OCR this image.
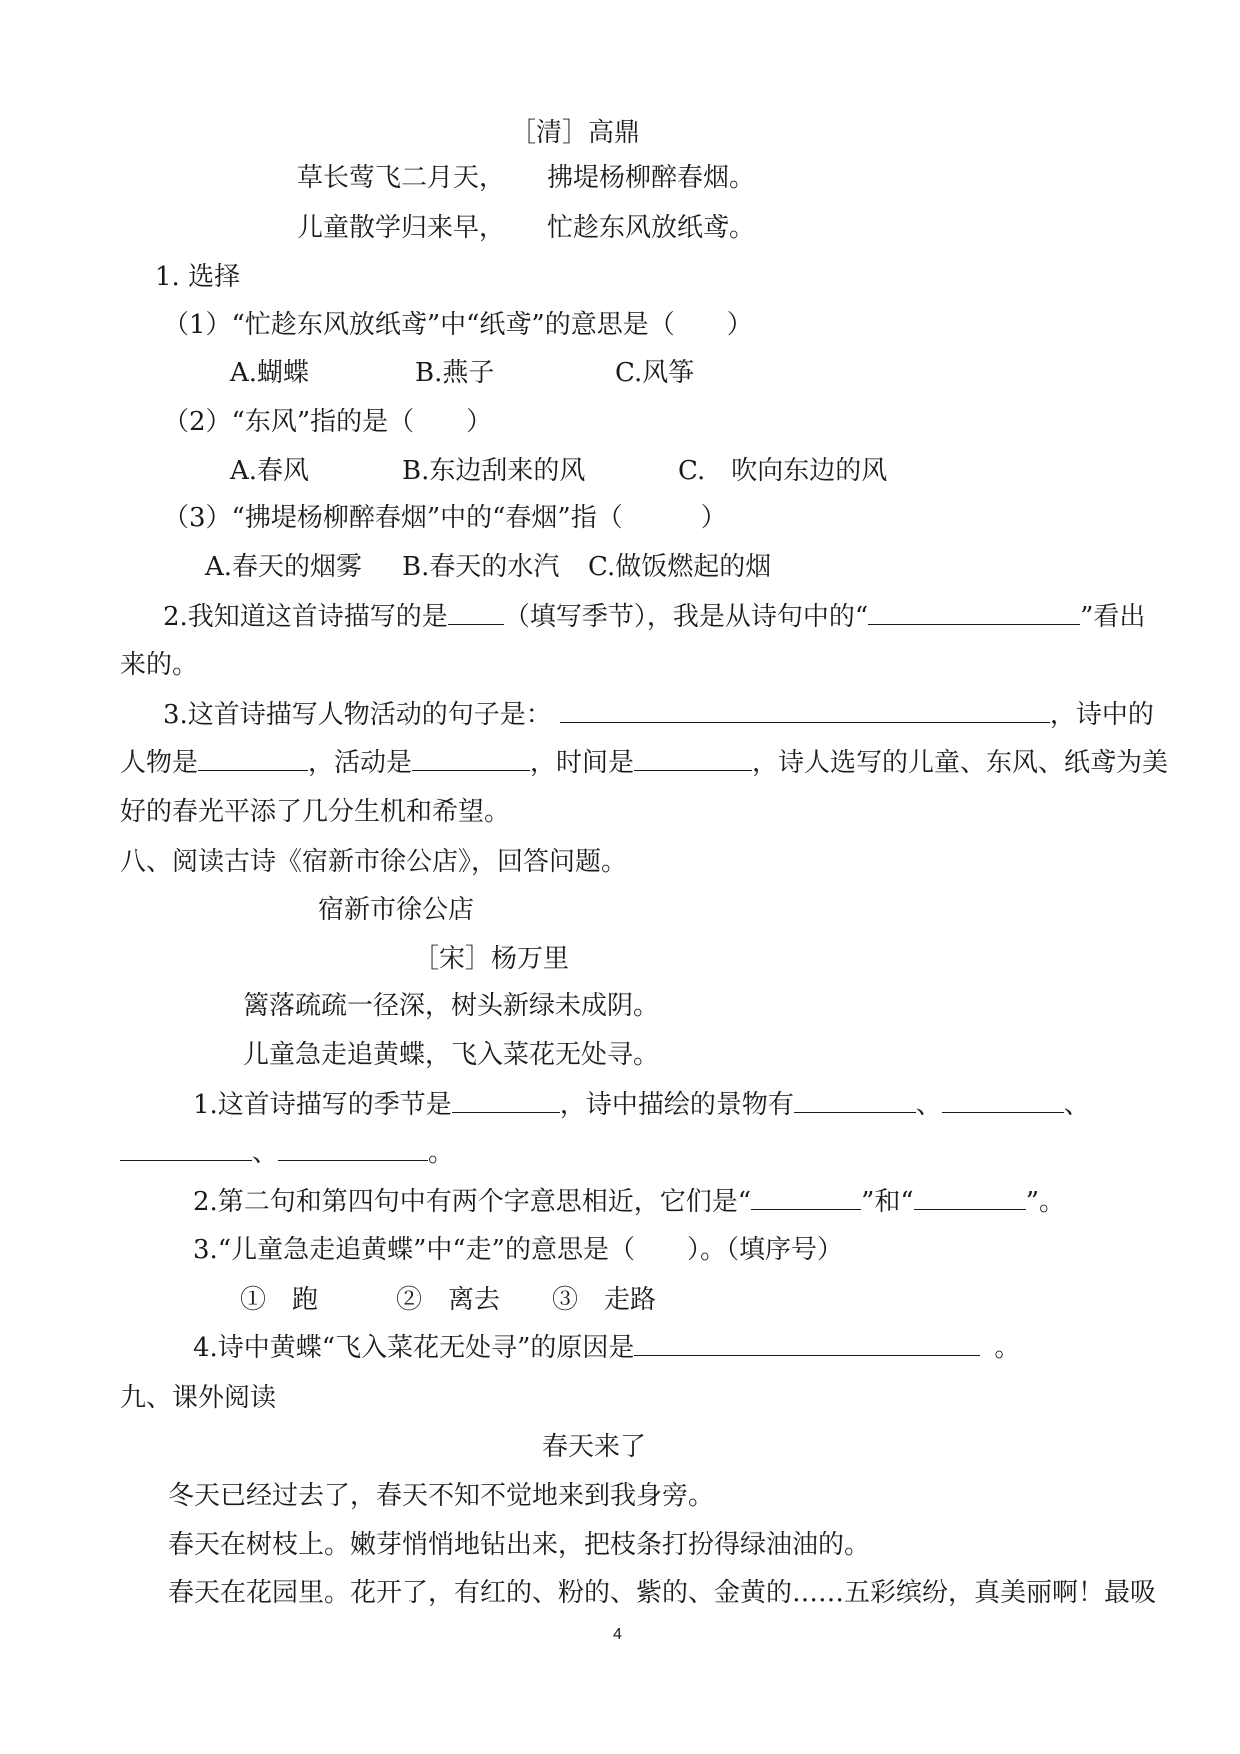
［清］高鼎
草长莺飞二月天， 拂堤杨柳醉春烟。
儿童散学归来早， 忙趁东风放纸鸢。
1. 选择
（1）“忙趁东风放纸鸢”中“纸鸢”的意思是（　　）
A.蝴蝶	B.燕子	C.风筝
（2）“东风”指的是（　　）
A.春风	B.东边刮来的风	C.　吹向东边的风
（3）“拂堤杨柳醉春烟”中的“春烟”指（　　　）
A.春天的烟雾 B.春天的水汽 C.做饭燃起的烟
2.我知道这首诗描写的是 （填写季节），我是从诗句中的“	”看出
来的。
3.这首诗描写人物活动的句子是：	，诗中的
人物是	，活动是	，时间是	，诗人选写的儿童、东风、纸鸢为美
好的春光平添了几分生机和希望。
八、阅读古诗《宿新市徐公店》，回答问题。
宿新市徐公店
［宋］杨万里
篱落疏疏一径深，树头新绿未成阴。
儿童急走追黄蝶，飞入菜花无处寻。
1.这首诗描写的季节是	，诗中描绘的景物有	、	、
、	。
2.第二句和第四句中有两个字意思相近，它们是“	”和“	”。
3.“儿童急走追黄蝶”中“走”的意思是（　　）。（填序号）
①　跑　　　②　离去　　③　走路
4.诗中黄蝶“飞入菜花无处寻”的原因是	。
九、课外阅读
春天来了
冬天已经过去了，春天不知不觉地来到我身旁。
春天在树枝上。嫩芽悄悄地钻出来，把枝条打扮得绿油油的。
春天在花园里。花开了，有红的、粉的、紫的、金黄的……五彩缤纷，真美丽啊！最吸
4
